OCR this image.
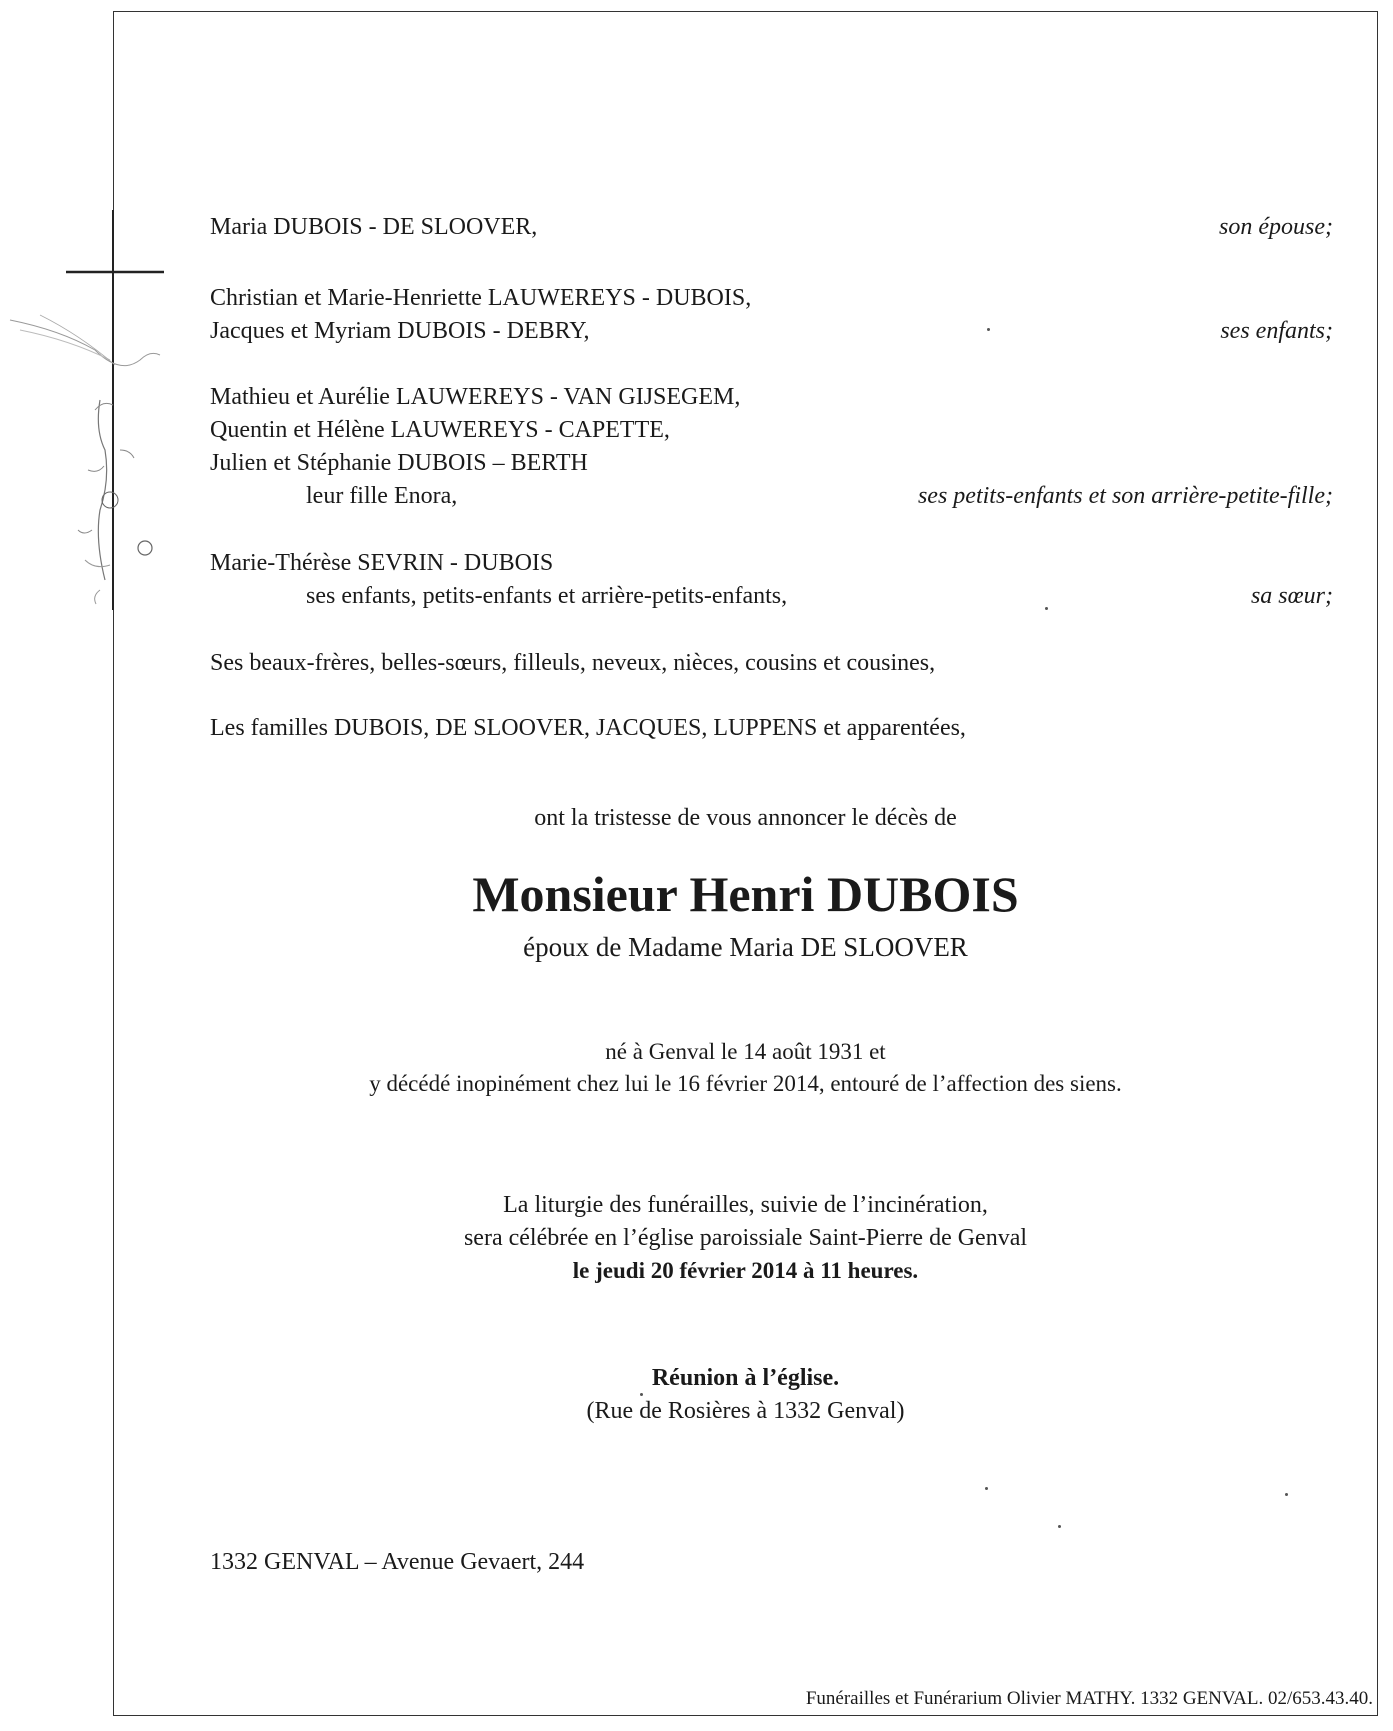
Maria DUBOIS - DE SLOOVER,	son épouse;
Christian et Marie-Henriette LAUWEREYS - DUBOIS,
Jacques et Myriam DUBOIS - DEBRY,	ses enfants;
Mathieu et Aurélie LAUWEREYS - VAN GIJSEGEM,
Quentin et Hélène LAUWEREYS - CAPETTE,
Julien et Stéphanie DUBOIS – BERTH
leur fille Enora,	ses petits-enfants et son arrière-petite-fille;
Marie-Thérèse SEVRIN - DUBOIS
ses enfants, petits-enfants et arrière-petits-enfants,	sa sœur;
Ses beaux-frères, belles-sœurs, filleuls, neveux, nièces, cousins et cousines,
Les familles DUBOIS, DE SLOOVER, JACQUES, LUPPENS et apparentées,
ont la tristesse de vous annoncer le décès de
Monsieur Henri DUBOIS
époux de Madame Maria DE SLOOVER
né à Genval le 14 août 1931 et
y décédé inopinément chez lui le 16 février 2014, entouré de l’affection des siens.
La liturgie des funérailles, suivie de l’incinération,
sera célébrée en l’église paroissiale Saint-Pierre de Genval
le jeudi 20 février 2014 à 11 heures.
Réunion à l’église.
(Rue de Rosières à 1332 Genval)
1332 GENVAL – Avenue Gevaert, 244
Funérailles et Funérarium Olivier MATHY. 1332 GENVAL. 02/653.43.40.
